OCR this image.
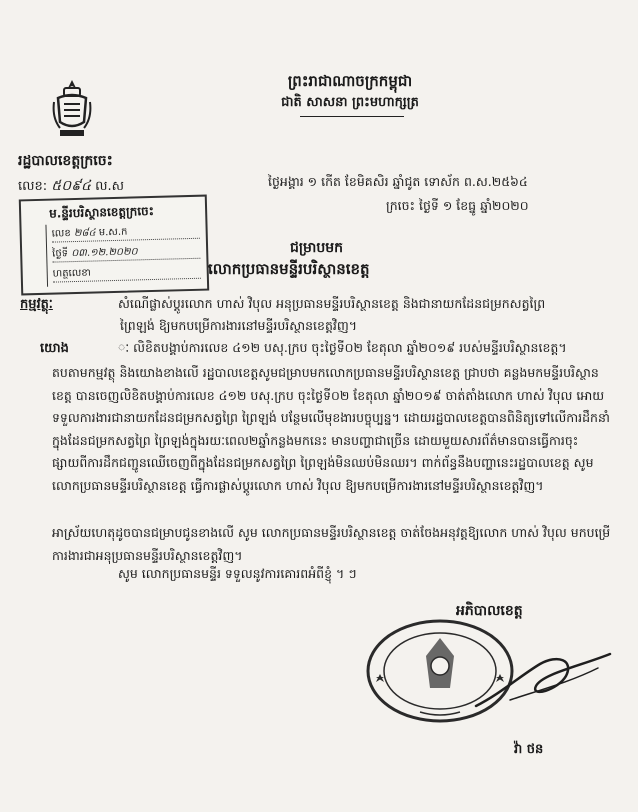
ព្រះរាជាណាចក្រកម្ពុជា
ជាតិ សាសនា ព្រះមហាក្សត្រ
រដ្ឋបាលខេត្តក្រចេះ
លេខ: ៥០៩៤ ល.ស	ថ្ងៃអង្គារ ១ កើត ខែមិគសិរ ឆ្នាំជូត ទោស័ក ព.ស.២៥៦៤
ក្រចេះ ថ្ងៃទី ១ ខែធ្នូ ឆ្នាំ២០២០
ម.ន្ទីរបរិស្ថានខេត្តក្រចេះ
លេខ ២៨៤ ម.ស.ក
ថ្ងៃទី ០៣.១២.២០២០
ហត្ថលេខា
ជម្រាបមក
លោកប្រធានមន្ទីរបរិស្ថានខេត្ត
កម្មវត្ថុៈ	សំណើផ្លាស់ប្តូរលោក ហាស់ វិបុល អនុប្រធានមន្ទីរបរិស្ថានខេត្ត និងជានាយកដែនជម្រកសត្វព្រៃ
ព្រៃឡង់ ឱ្យមកបម្រើការងារនៅមន្ទីរបរិស្ថានខេត្តវិញ។
យោង	ៈ លិខិតបង្គាប់ការលេខ ៤១២ បសុ.ក្រប ចុះថ្ងៃទី០២ ខែតុលា ឆ្នាំ២០១៩ របស់មន្ទីរបរិស្ថានខេត្ត។
តបតាមកម្មវត្ថុ និងយោងខាងលើ រដ្ឋបាលខេត្តសូមជម្រាបមកលោកប្រធានមន្ទីរបរិស្ថានខេត្ត ជ្រាបថា គន្លងមកមន្ទីរបរិស្ថានខេត្ត បានចេញលិខិតបង្គាប់ការលេខ ៤១២ បសុ.ក្រប ចុះថ្ងៃទី០២ ខែតុលា ឆ្នាំ២០១៩ ចាត់តាំងលោក ហាស់ វិបុល អោយទទួលការងារជានាយកដែនជម្រកសត្វព្រៃ ព្រៃឡង់ បន្ថែមលើមុខងារបច្ចុប្បន្ន។ ដោយរដ្ឋបាលខេត្តបានពិនិត្យទៅលើការដឹកនាំ ក្នុងដែនជម្រកសត្វព្រៃ ព្រៃឡង់ក្នុងរយៈពេល២ឆ្នាំកន្លងមកនេះ មានបញ្ហាជាច្រើន ដោយមួយសារព័ត៌មានបានធ្វើការចុះផ្សាយពីការដឹកជញ្ជូនឈើចេញពីក្នុងដែនជម្រកសត្វព្រៃ ព្រៃឡង់មិនឈប់មិនឈរ។ ពាក់ព័ន្ធនឹងបញ្ហានេះរដ្ឋបាលខេត្ត សូមលោកប្រធានមន្ទីរបរិស្ថានខេត្ត ធ្វើការផ្លាស់ប្តូរលោក ហាស់ វិបុល ឱ្យមកបម្រើការងារនៅមន្ទីរបរិស្ថានខេត្តវិញ។
អាស្រ័យហេតុដូចបានជម្រាបជូនខាងលើ សូម លោកប្រធានមន្ទីរបរិស្ថានខេត្ត ចាត់ចែងអនុវត្តឱ្យលោក ហាស់ វិបុល មកបម្រើការងារជាអនុប្រធានមន្ទីរបរិស្ថានខេត្តវិញ។
សូម លោកប្រធានមន្ទីរ ទទួលនូវការគោរពអំពីខ្ញុំ ។ ៗ
អភិបាលខេត្ត
វ៉ា ថន
